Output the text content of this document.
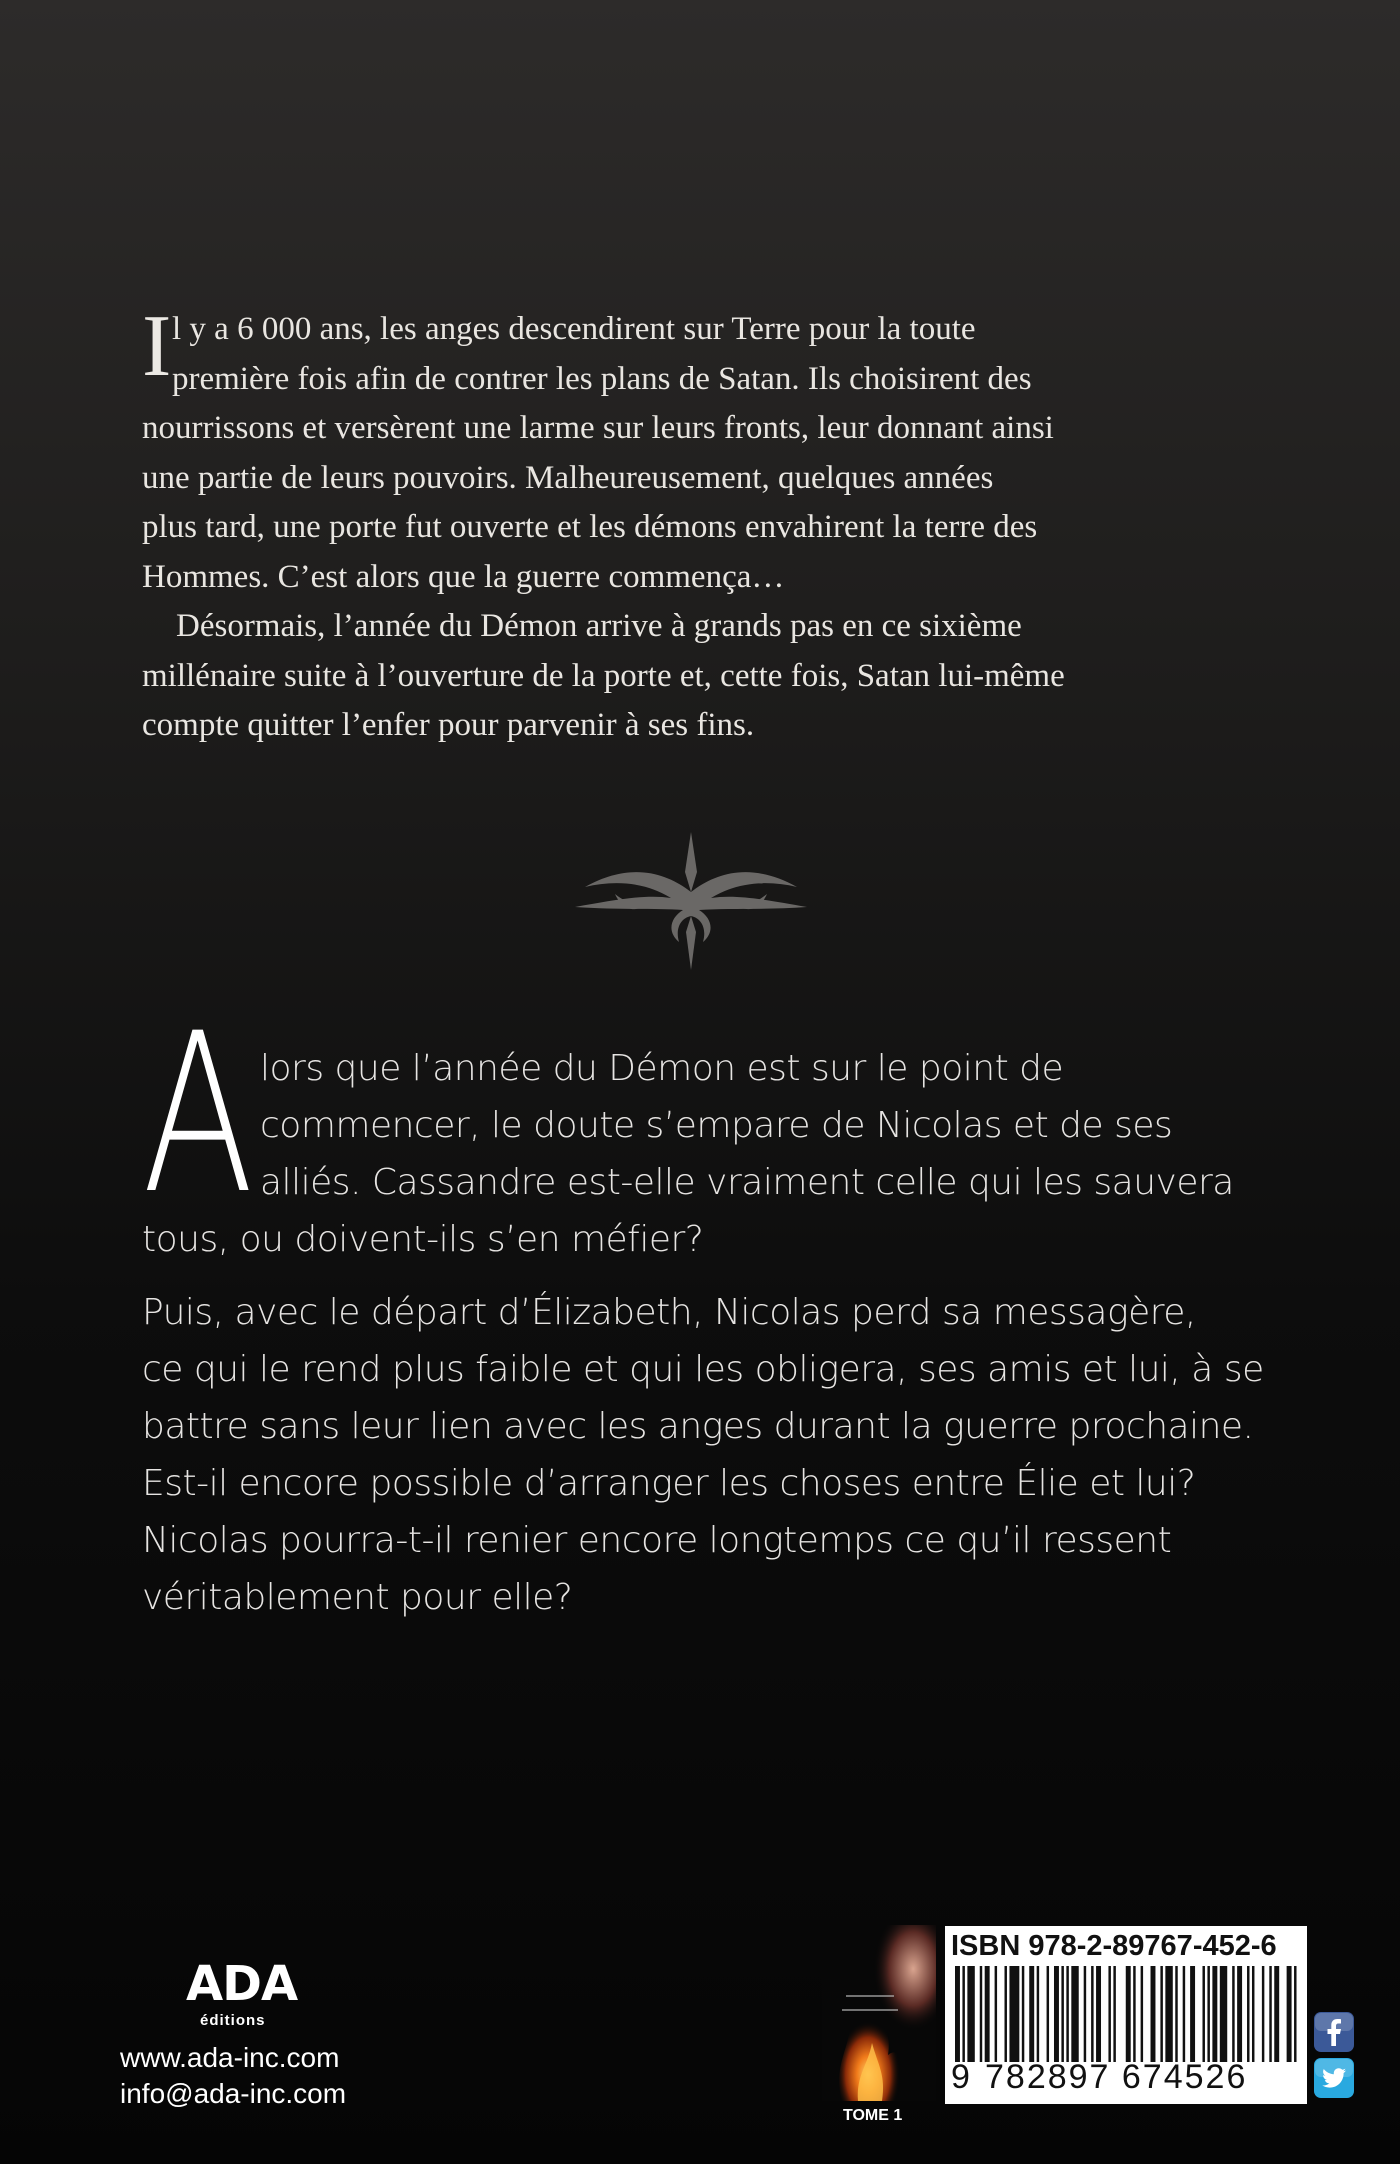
I l y a 6 000 ans, les anges descendirent sur Terre pour la toute
première fois afin de contrer les plans de Satan. Ils choisirent des
nourrissons et versèrent une larme sur leurs fronts, leur donnant ainsi
une partie de leurs pouvoirs. Malheureusement, quelques années
plus tard, une porte fut ouverte et les démons envahirent la terre des
Hommes. C’est alors que la guerre commença…
Désormais, l’année du Démon arrive à grands pas en ce sixième
millénaire suite à l’ouverture de la porte et, cette fois, Satan lui-même
compte quitter l’enfer pour parvenir à ses fins.
A lors que l’année du Démon est sur le point de
commencer, le doute s’empare de Nicolas et de ses
alliés. Cassandre est-elle vraiment celle qui les sauvera
tous, ou doivent-ils s’en méfier?
Puis, avec le départ d’Élizabeth, Nicolas perd sa messagère,
ce qui le rend plus faible et qui les obligera, ses amis et lui, à se
battre sans leur lien avec les anges durant la guerre prochaine.
Est-il encore possible d’arranger les choses entre Élie et lui?
Nicolas pourra-t-il renier encore longtemps ce qu’il ressent
véritablement pour elle?
ADA
éditions
www.ada-inc.com
info@ada-inc.com
TOME 1
ISBN 978-2-89767-452-6
9 782897 674526
